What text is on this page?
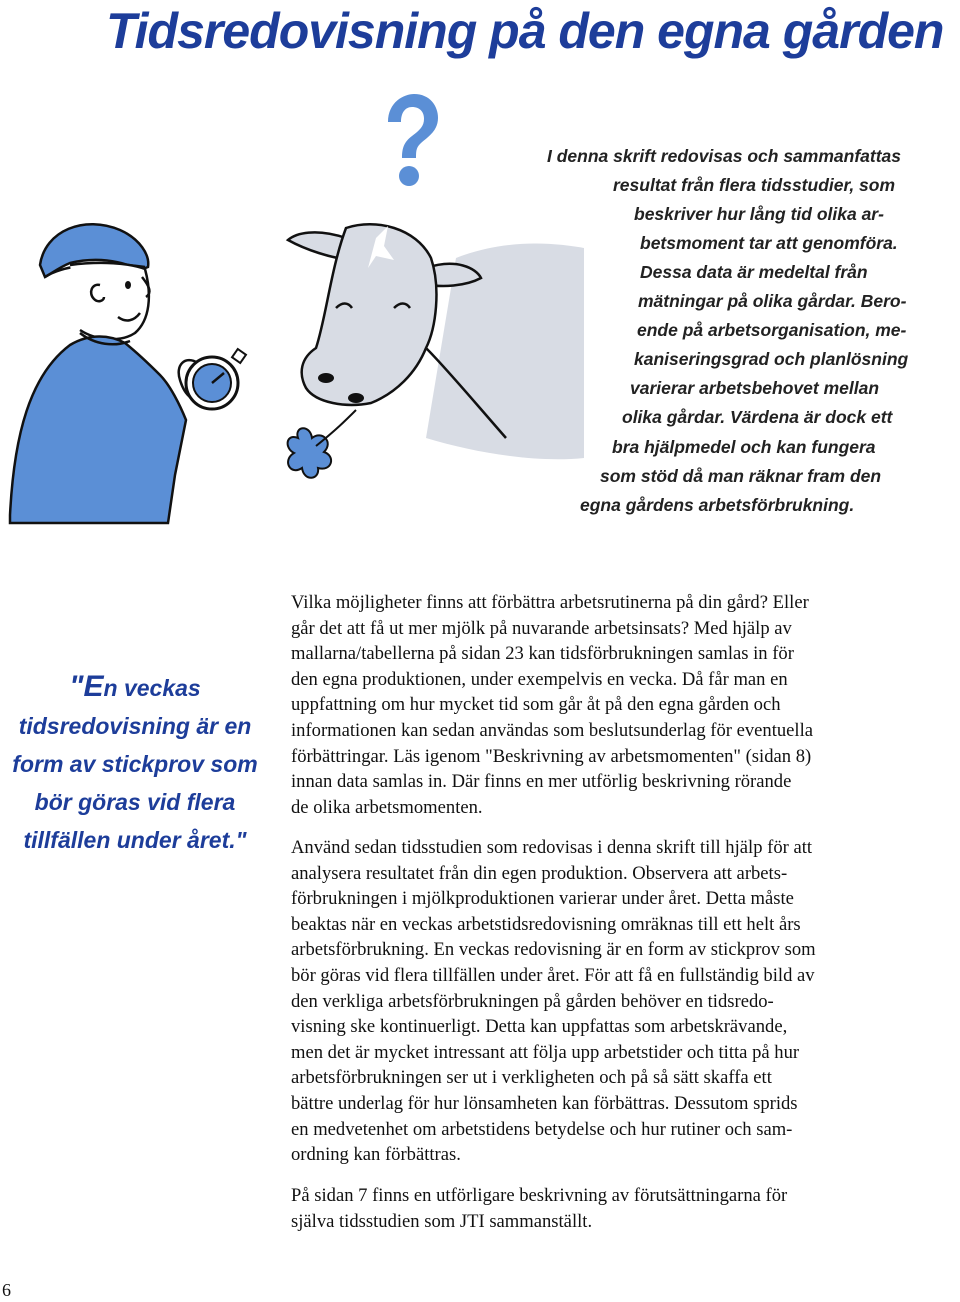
Tidsredovisning på den egna gården

I denna skrift redovisas och sammanfattas

resultat från flera tidsstudier, som

beskriver hur lång tid olika ar-

betsmoment tar att genomföra.

Dessa data är medeltal från

mätningar på olika gårdar. Bero-

ende på arbetsorganisation, me-

kaniseringsgrad och planlösning

varierar arbetsbehovet mellan

olika gårdar. Värdena är dock ett

bra hjälpmedel och kan fungera

som stöd då man räknar fram den

egna gårdens arbetsförbrukning.

"En veckas
tidsredovisning är en
form av stickprov som
bör göras vid flera
tillfällen under året."
Vilka möjligheter finns att förbättra arbetsrutinerna på din gård? Eller
går det att få ut mer mjölk på nuvarande arbetsinsats? Med hjälp av
mallarna/tabellerna på sidan 23 kan tidsförbrukningen samlas in för
den egna produktionen, under exempelvis en vecka. Då får man en
uppfattning om hur mycket tid som går åt på den egna gården och
informationen kan sedan användas som beslutsunderlag för eventuella
förbättringar. Läs igenom "Beskrivning av arbetsmomenten" (sidan 8)
innan data samlas in. Där finns en mer utförlig beskrivning rörande
de olika arbetsmomenten.
Använd sedan tidsstudien som redovisas i denna skrift till hjälp för att
analysera resultatet från din egen produktion. Observera att arbets-
förbrukningen i mjölkproduktionen varierar under året. Detta måste
beaktas när en veckas arbetstidsredovisning omräknas till ett helt års
arbetsförbrukning. En veckas redovisning är en form av stickprov som
bör göras vid flera tillfällen under året. För att få en fullständig bild av
den verkliga arbetsförbrukningen på gården behöver en tidsredo-
visning ske kontinuerligt. Detta kan uppfattas som arbetskrävande,
men det är mycket intressant att följa upp arbetstider och titta på hur
arbetsförbrukningen ser ut i verkligheten och på så sätt skaffa ett
bättre underlag för hur lönsamheten kan förbättras. Dessutom sprids
en medvetenhet om arbetstidens betydelse och hur rutiner och sam-
ordning kan förbättras.
På sidan 7 finns en utförligare beskrivning av förutsättningarna för
själva tidsstudien som JTI sammanställt.
6
